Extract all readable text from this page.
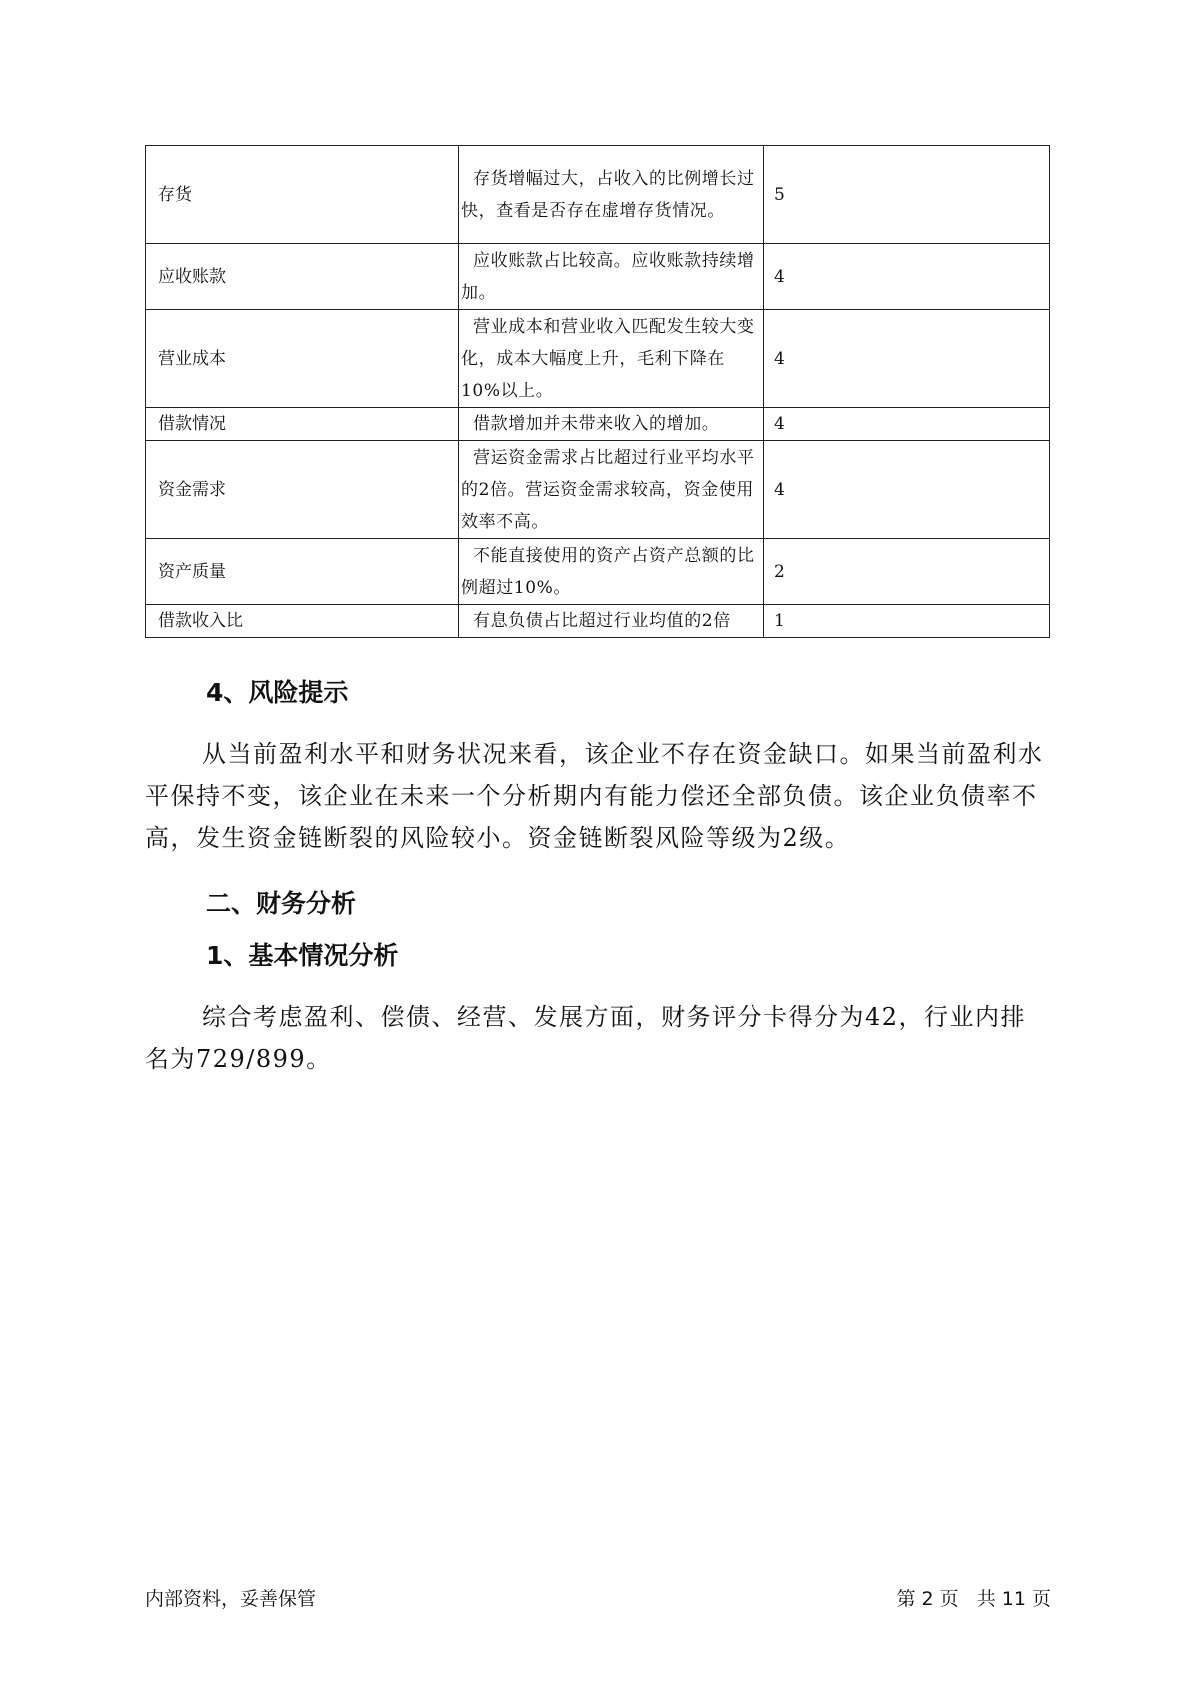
存货	存货增幅过大，占收入的比例增长过快，查看是否存在虚增存货情况。	5
应收账款	应收账款占比较高。应收账款持续增加。	4
营业成本	营业成本和营业收入匹配发生较大变化，成本大幅度上升，毛利下降在10%以上。	4
借款情况	借款增加并未带来收入的增加。	4
资金需求	营运资金需求占比超过行业平均水平的2倍。营运资金需求较高，资金使用效率不高。	4
资产质量	不能直接使用的资产占资产总额的比例超过10%。	2
借款收入比	有息负债占比超过行业均值的2倍	1
4、风险提示

从当前盈利水平和财务状况来看，该企业不存在资金缺口。如果当前盈利水平保持不变，该企业在未来一个分析期内有能力偿还全部负债。该企业负债率不高，发生资金链断裂的风险较小。资金链断裂风险等级为2级。

二、财务分析
1、基本情况分析

综合考虑盈利、偿债、经营、发展方面，财务评分卡得分为42，行业内排名为729/899。

内部资料，妥善保管	第 2 页   共 11 页
